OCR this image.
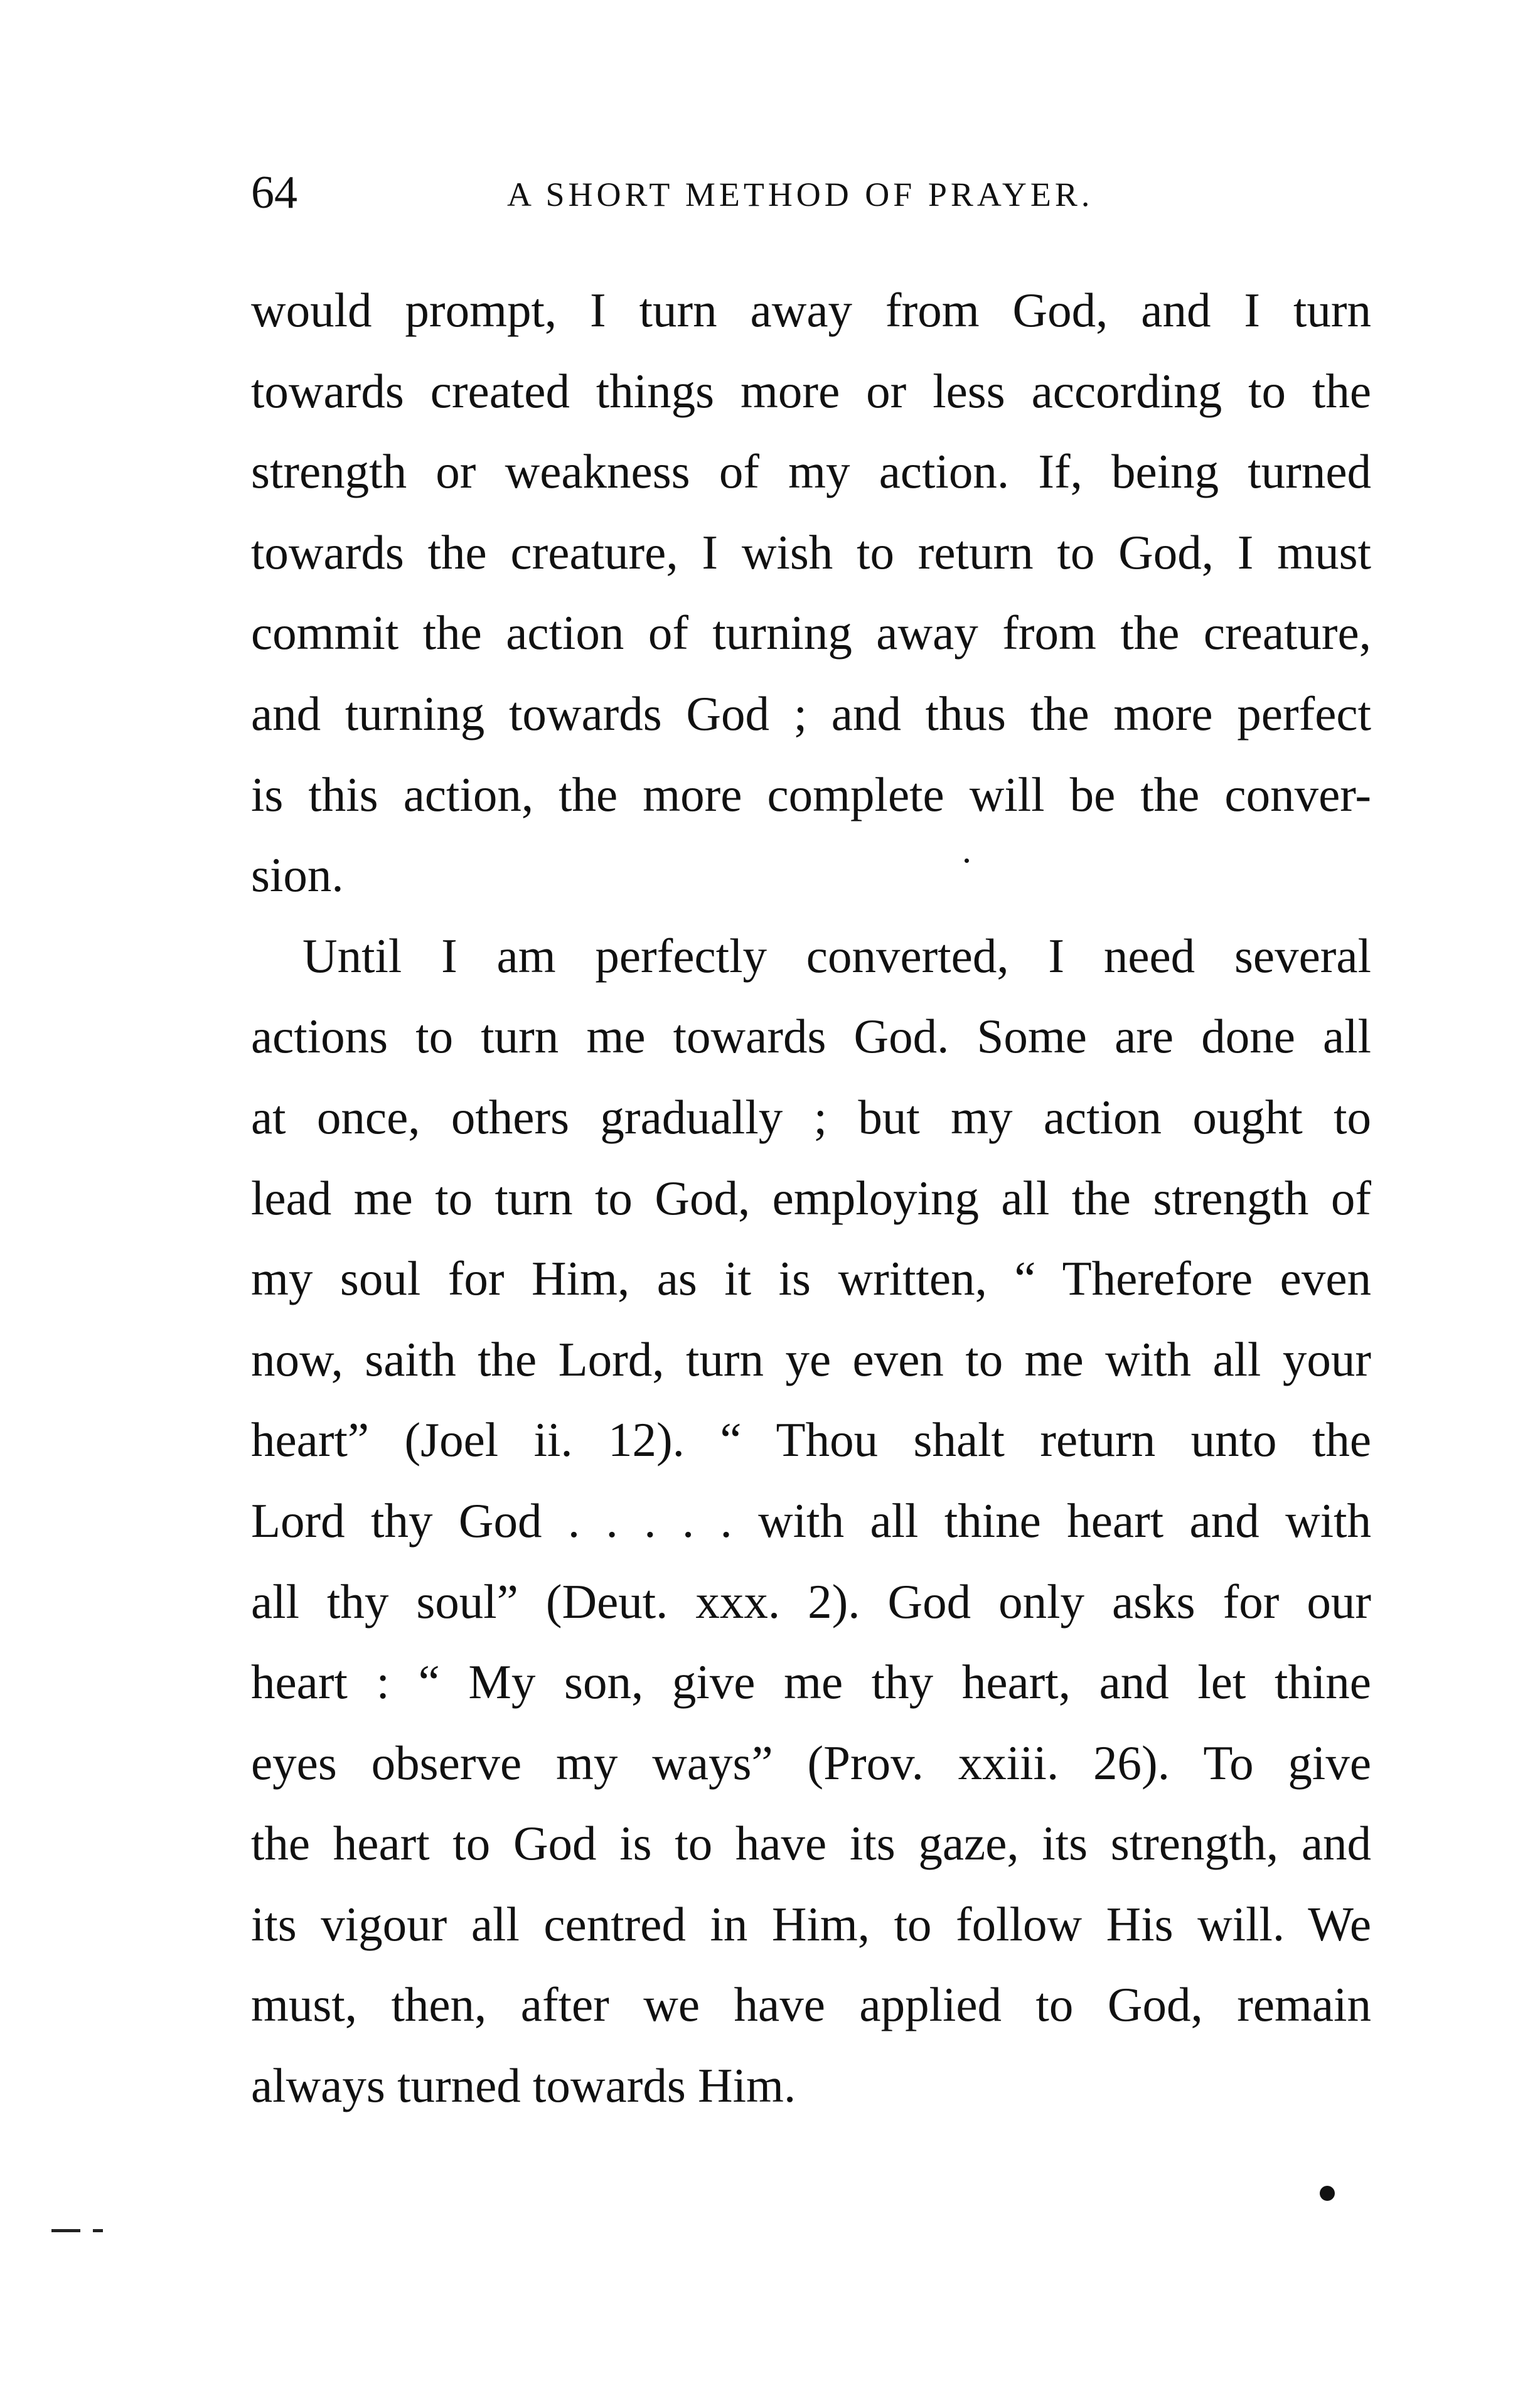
64	A SHORT METHOD OF PRAYER.
would prompt, I turn away from God, and I turn
towards created things more or less according to the
strength or weakness of my action. If, being turned
towards the creature, I wish to return to God, I must
commit the action of turning away from the creature,
and turning towards God ; and thus the more perfect
is this action, the more complete will be the conver-
sion.
Until I am perfectly converted, I need several
actions to turn me towards God. Some are done all
at once, others gradually ; but my action ought to
lead me to turn to God, employing all the strength of
my soul for Him, as it is written, “ Therefore even
now, saith the Lord, turn ye even to me with all your
heart” (Joel ii. 12). “ Thou shalt return unto the
Lord thy God . . . . . with all thine heart and with
all thy soul” (Deut. xxx. 2). God only asks for our
heart : “ My son, give me thy heart, and let thine
eyes observe my ways” (Prov. xxiii. 26). To give
the heart to God is to have its gaze, its strength, and
its vigour all centred in Him, to follow His will. We
must, then, after we have applied to God, remain
always turned towards Him.
